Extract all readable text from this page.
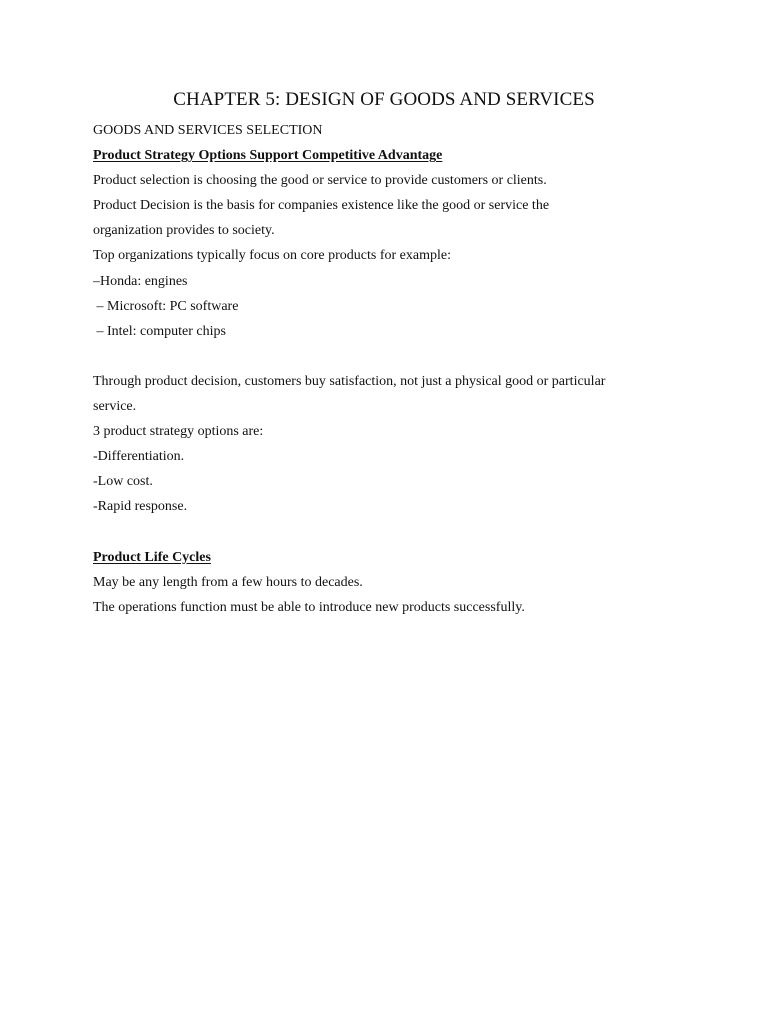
CHAPTER 5: DESIGN OF GOODS AND SERVICES
GOODS AND SERVICES SELECTION
Product Strategy Options Support Competitive Advantage
Product selection is choosing the good or service to provide customers or clients.
Product Decision is the basis for companies existence like the good or service the
organization provides to society.
Top organizations typically focus on core products for example:
–Honda: engines
– Microsoft: PC software
– Intel: computer chips
Through product decision, customers buy satisfaction, not just a physical good or particular
service.
3 product strategy options are:
-Differentiation.
-Low cost.
-Rapid response.
Product Life Cycles
May be any length from a few hours to decades.
The operations function must be able to introduce new products successfully.
